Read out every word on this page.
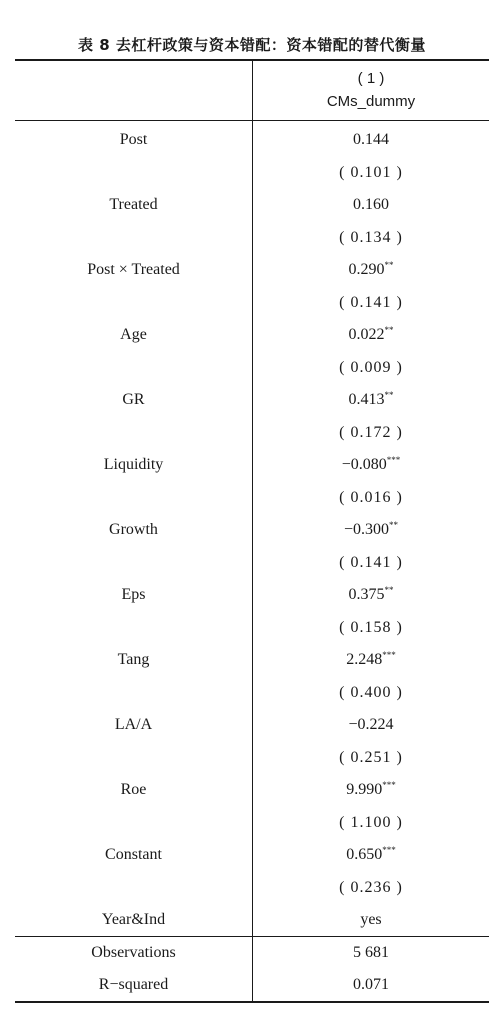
表 8 去杠杆政策与资本错配：资本错配的替代衡量
( 1 )
CMs_dummy
Post	0.144
( 0.101 )
Treated	0.160
( 0.134 )
Post × Treated	0.290**
( 0.141 )
Age	0.022**
( 0.009 )
GR	0.413**
( 0.172 )
Liquidity	−0.080***
( 0.016 )
Growth	−0.300**
( 0.141 )
Eps	0.375**
( 0.158 )
Tang	2.248***
( 0.400 )
LA/A	−0.224
( 0.251 )
Roe	9.990***
( 1.100 )
Constant	0.650***
( 0.236 )
Year&Ind	yes
Observations	5 681
R−squared	0.071
